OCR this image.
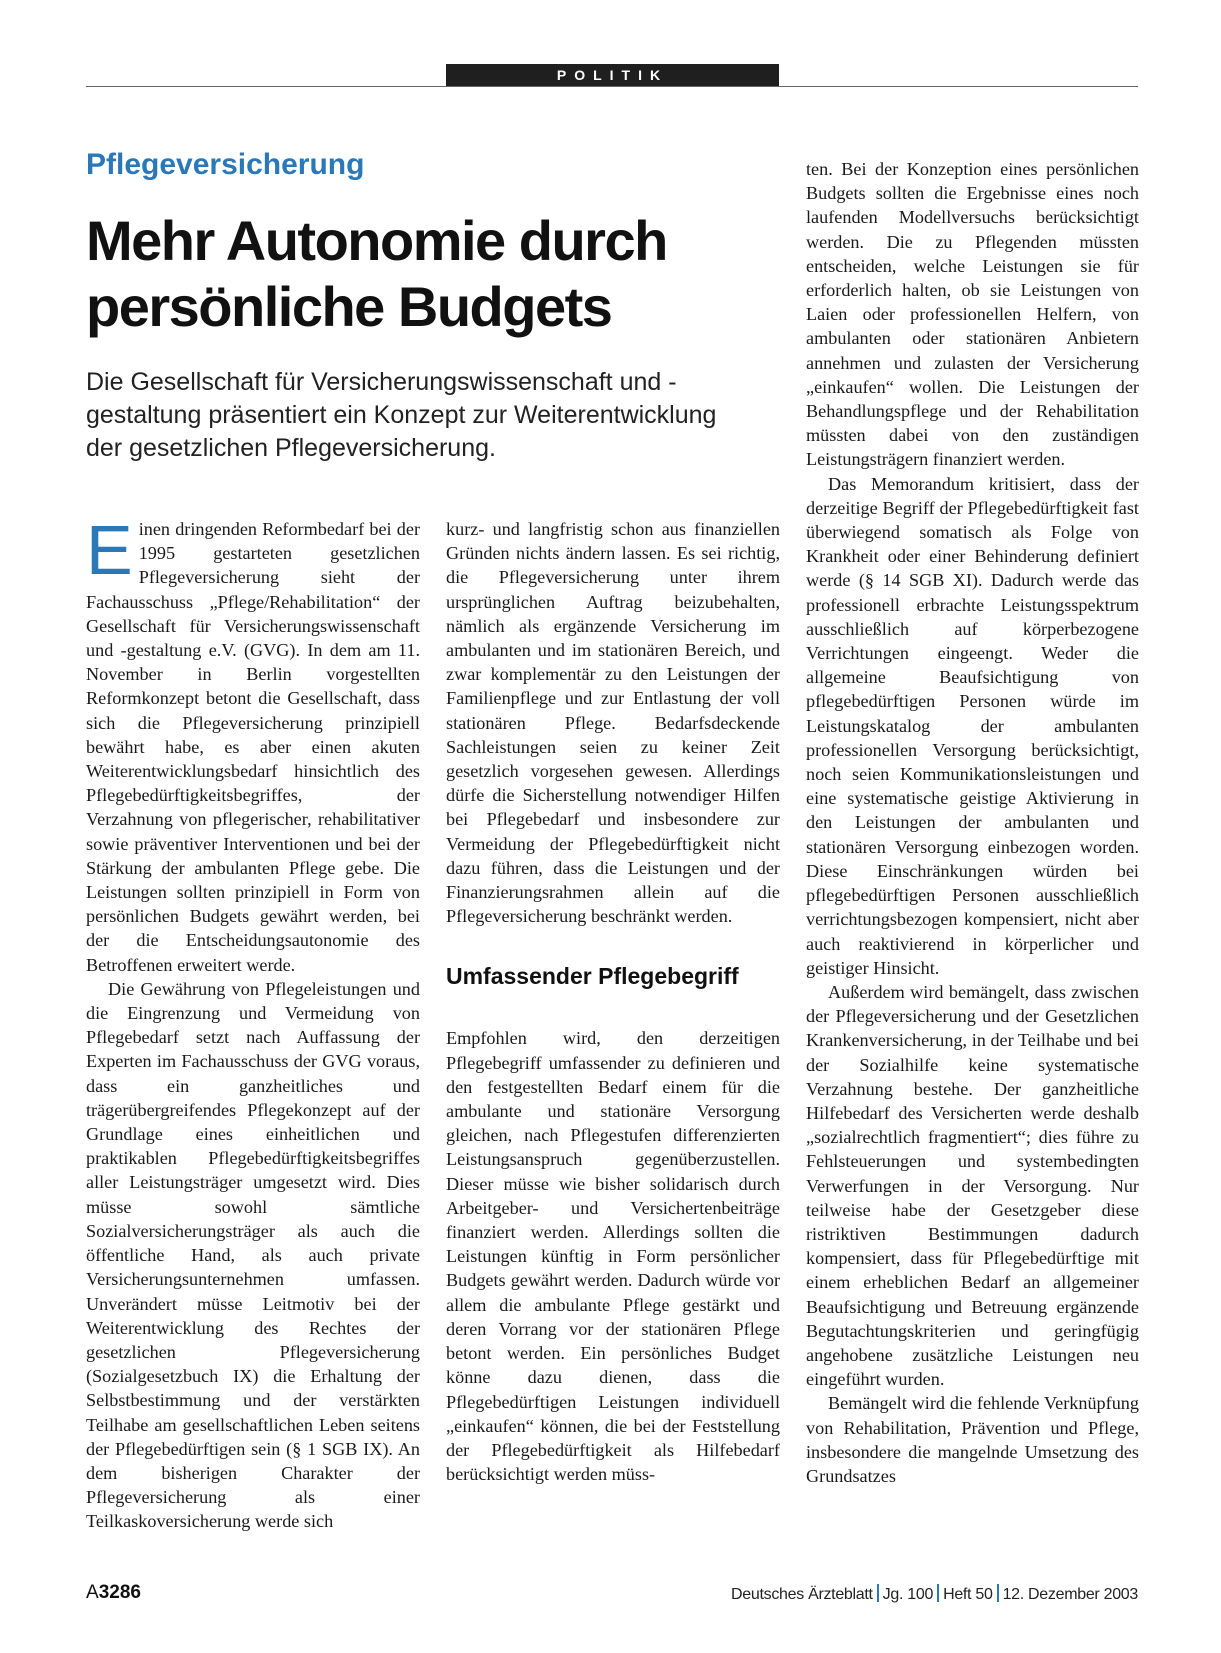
POLITIK
Pflegeversicherung
Mehr Autonomie durch
persönliche Budgets

Die Gesellschaft für Versicherungswissenschaft und -gestaltung präsentiert ein Konzept zur Weiterentwicklung der gesetzlichen Pflegeversicherung.

Einen dringenden Reformbedarf bei der 1995 gestarteten gesetzlichen Pflegeversicherung sieht der Fachausschuss „Pflege/Rehabilitation“ der Gesellschaft für Versicherungswissenschaft und -gestaltung e.V. (GVG). In dem am 11. November in Berlin vorgestellten Reformkonzept betont die Gesellschaft, dass sich die Pflegeversicherung prinzipiell bewährt habe, es aber einen akuten Weiterentwicklungsbedarf hinsichtlich des Pflegebedürftigkeitsbegriffes, der Verzahnung von pflegerischer, rehabilitativer sowie präventiver Interventionen und bei der Stärkung der ambulanten Pflege gebe. Die Leistungen sollten prinzipiell in Form von persönlichen Budgets gewährt werden, bei der die Entscheidungsautonomie des Betroffenen erweitert werde.

Die Gewährung von Pflegeleistungen und die Eingrenzung und Vermeidung von Pflegebedarf setzt nach Auffassung der Experten im Fachausschuss der GVG voraus, dass ein ganzheitliches und trägerübergreifendes Pflegekonzept auf der Grundlage eines einheitlichen und praktikablen Pflegebedürftigkeitsbegriffes aller Leistungsträger umgesetzt wird. Dies müsse sowohl sämtliche Sozialversicherungsträger als auch die öffentliche Hand, als auch private Versicherungsunternehmen umfassen. Unverändert müsse Leitmotiv bei der Weiterentwicklung des Rechtes der gesetzlichen Pflegeversicherung (Sozialgesetzbuch IX) die Erhaltung der Selbstbestimmung und der verstärkten Teilhabe am gesellschaftlichen Leben seitens der Pflegebedürftigen sein (§ 1 SGB IX). An dem bisherigen Charakter der Pflegeversicherung als einer Teilkaskoversicherung werde sich

kurz- und langfristig schon aus finanziellen Gründen nichts ändern lassen. Es sei richtig, die Pflegeversicherung unter ihrem ursprünglichen Auftrag beizubehalten, nämlich als ergänzende Versicherung im ambulanten und im stationären Bereich, und zwar komplementär zu den Leistungen der Familienpflege und zur Entlastung der voll stationären Pflege. Bedarfsdeckende Sachleistungen seien zu keiner Zeit gesetzlich vorgesehen gewesen. Allerdings dürfe die Sicherstellung notwendiger Hilfen bei Pflegebedarf und insbesondere zur Vermeidung der Pflegebedürftigkeit nicht dazu führen, dass die Leistungen und der Finanzierungsrahmen allein auf die Pflegeversicherung beschränkt werden.

Umfassender Pflegebegriff

Empfohlen wird, den derzeitigen Pflegebegriff umfassender zu definieren und den festgestellten Bedarf einem für die ambulante und stationäre Versorgung gleichen, nach Pflegestufen differenzierten Leistungsanspruch gegenüberzustellen. Dieser müsse wie bisher solidarisch durch Arbeitgeber- und Versichertenbeiträge finanziert werden. Allerdings sollten die Leistungen künftig in Form persönlicher Budgets gewährt werden. Dadurch würde vor allem die ambulante Pflege gestärkt und deren Vorrang vor der stationären Pflege betont werden. Ein persönliches Budget könne dazu dienen, dass die Pflegebedürftigen Leistungen individuell „einkaufen“ können, die bei der Feststellung der Pflegebedürftigkeit als Hilfebedarf berücksichtigt werden müss-

ten. Bei der Konzeption eines persönlichen Budgets sollten die Ergebnisse eines noch laufenden Modellversuchs berücksichtigt werden. Die zu Pflegenden müssten entscheiden, welche Leistungen sie für erforderlich halten, ob sie Leistungen von Laien oder professionellen Helfern, von ambulanten oder stationären Anbietern annehmen und zulasten der Versicherung „einkaufen“ wollen. Die Leistungen der Behandlungspflege und der Rehabilitation müssten dabei von den zuständigen Leistungsträgern finanziert werden.

Das Memorandum kritisiert, dass der derzeitige Begriff der Pflegebedürftigkeit fast überwiegend somatisch als Folge von Krankheit oder einer Behinderung definiert werde (§ 14 SGB XI). Dadurch werde das professionell erbrachte Leistungsspektrum ausschließlich auf körperbezogene Verrichtungen eingeengt. Weder die allgemeine Beaufsichtigung von pflegebedürftigen Personen würde im Leistungskatalog der ambulanten professionellen Versorgung berücksichtigt, noch seien Kommunikationsleistungen und eine systematische geistige Aktivierung in den Leistungen der ambulanten und stationären Versorgung einbezogen worden. Diese Einschränkungen würden bei pflegebedürftigen Personen ausschließlich verrichtungsbezogen kompensiert, nicht aber auch reaktivierend in körperlicher und geistiger Hinsicht.

Außerdem wird bemängelt, dass zwischen der Pflegeversicherung und der Gesetzlichen Krankenversicherung, in der Teilhabe und bei der Sozialhilfe keine systematische Verzahnung bestehe. Der ganzheitliche Hilfebedarf des Versicherten werde deshalb „sozialrechtlich fragmentiert“; dies führe zu Fehlsteuerungen und systembedingten Verwerfungen in der Versorgung. Nur teilweise habe der Gesetzgeber diese ristriktiven Bestimmungen dadurch kompensiert, dass für Pflegebedürftige mit einem erheblichen Bedarf an allgemeiner Beaufsichtigung und Betreuung ergänzende Begutachtungskriterien und geringfügig angehobene zusätzliche Leistungen neu eingeführt wurden.

Bemängelt wird die fehlende Verknüpfung von Rehabilitation, Prävention und Pflege, insbesondere die mangelnde Umsetzung des Grundsatzes

A3286	Deutsches Ärzteblatt Jg. 100 Heft 50 12. Dezember 2003
